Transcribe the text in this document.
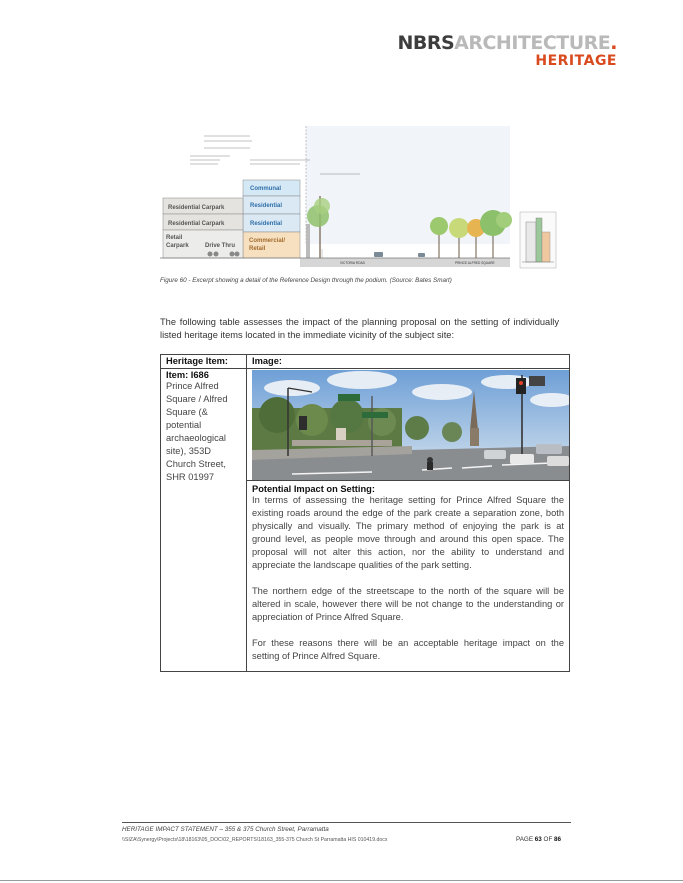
NBRSARCHITECTURE.
HERITAGE
Communal
Residential
Residential
Commercial/
Retail
Residential Carpark
Residential Carpark
Retail
Carpark	Drive Thru
VICTORIA ROAD	PRINCE ALFRED SQUARE
Figure 60 - Excerpt showing a detail of the Reference Design through the podium. (Source: Bates Smart)
The following table assesses the impact of the planning proposal on the setting of individually listed heritage items located in the immediate vicinity of the subject site:
Heritage Item:	Image:

Item: I686
Prince Alfred Square / Alfred Square (& potential archaeological site), 353D Church Street, SHR 01997

	Potential Impact on Setting:

In terms of assessing the heritage setting for Prince Alfred Square the existing roads around the edge of the park create a separation zone, both physically and visually. The primary method of enjoying the park is at ground level, as people move through and around this open space. The proposal will not alter this action, nor the ability to understand and appreciate the landscape qualities of the park setting.

The northern edge of the streetscape to the north of the square will be altered in scale, however there will be not change to the understanding or appreciation of Prince Alfred Square.

For these reasons there will be an acceptable heritage impact on the setting of Prince Alfred Square.

HERITAGE IMPACT STATEMENT – 355 & 375 Church Street, Parramatta
\\SIZA\Synergy\Projects\18\18163\05_DOC\02_REPORTS\18163_355-375 Church St Parramatta HIS 010419.docx	PAGE 63 OF 86
